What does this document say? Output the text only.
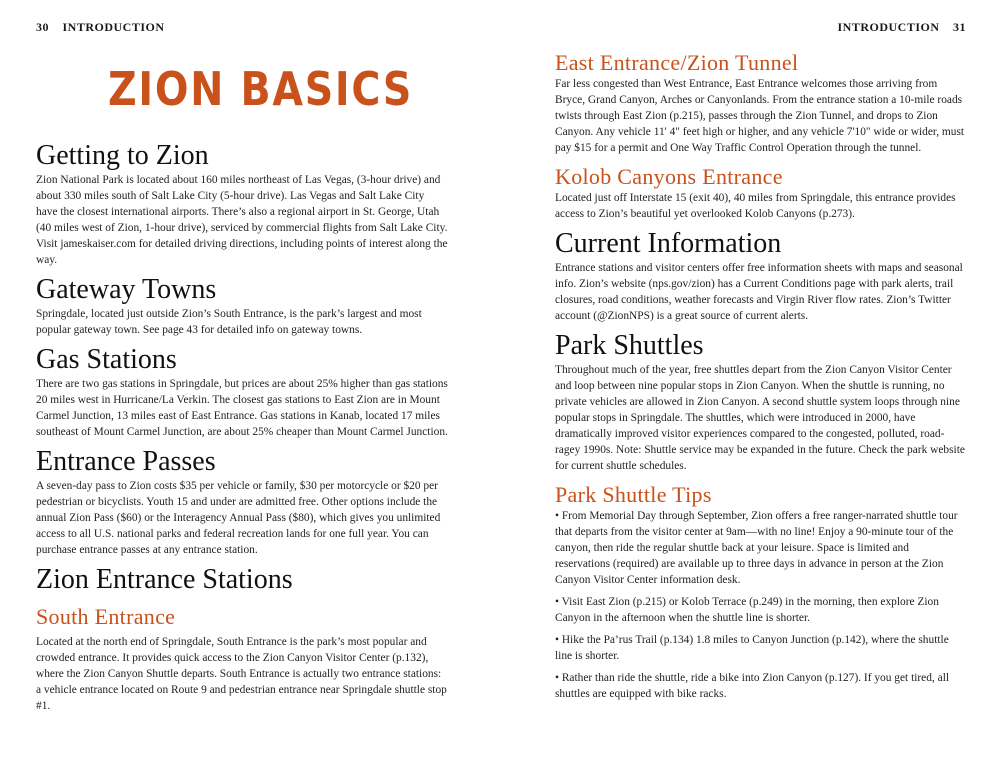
30 INTRODUCTION
ZION BASICS
Getting to Zion

Zion National Park is located about 160 miles northeast of Las Vegas, (3-hour drive) and about 330 miles south of Salt Lake City (5-hour drive). Las Vegas and Salt Lake City have the closest international airports. There’s also a regional airport in St. George, Utah (40 miles west of Zion, 1-hour drive), serviced by commercial flights from Salt Lake City. Visit jameskaiser.com for detailed driving directions, including points of interest along the way.

Gateway Towns

Springdale, located just outside Zion’s South Entrance, is the park’s largest and most popular gateway town. See page 43 for detailed info on gateway towns.

Gas Stations

There are two gas stations in Springdale, but prices are about 25% higher than gas stations 20 miles west in Hurricane/La Verkin. The closest gas stations to East Zion are in Mount Carmel Junction, 13 miles east of East Entrance. Gas stations in Kanab, located 17 miles southeast of Mount Carmel Junction, are about 25% cheaper than Mount Carmel Junction.

Entrance Passes

A seven-day pass to Zion costs $35 per vehicle or family, $30 per motorcycle or $20 per pedestrian or bicyclists. Youth 15 and under are admitted free. Other options include the annual Zion Pass ($60) or the Interagency Annual Pass ($80), which gives you unlimited access to all U.S. national parks and federal recreation lands for one full year. You can purchase entrance passes at any entrance station.

Zion Entrance Stations
South Entrance

Located at the north end of Springdale, South Entrance is the park’s most popular and crowded entrance. It provides quick access to the Zion Canyon Visitor Center (p.132), where the Zion Canyon Shuttle departs. South Entrance is actually two entrance stations: a vehicle entrance located on Route 9 and pedestrian entrance near Springdale shuttle stop #1.

INTRODUCTION 31
East Entrance/Zion Tunnel

Far less congested than West Entrance, East Entrance welcomes those arriving from Bryce, Grand Canyon, Arches or Canyonlands. From the entrance station a 10-mile roads twists through East Zion (p.215), passes through the Zion Tunnel, and drops to Zion Canyon. Any vehicle 11' 4" feet high or higher, and any vehicle 7'10" wide or wider, must pay $15 for a permit and One Way Traffic Control Operation through the tunnel.

Kolob Canyons Entrance

Located just off Interstate 15 (exit 40), 40 miles from Springdale, this entrance provides access to Zion’s beautiful yet overlooked Kolob Canyons (p.273).

Current Information

Entrance stations and visitor centers offer free information sheets with maps and seasonal info. Zion’s website (nps.gov/zion) has a Current Conditions page with park alerts, trail closures, road conditions, weather forecasts and Virgin River flow rates. Zion’s Twitter account (@ZionNPS) is a great source of current alerts.

Park Shuttles

Throughout much of the year, free shuttles depart from the Zion Canyon Visitor Center and loop between nine popular stops in Zion Canyon. When the shuttle is running, no private vehicles are allowed in Zion Canyon. A second shuttle system loops through nine popular stops in Springdale. The shuttles, which were introduced in 2000, have dramatically improved visitor experiences compared to the congested, polluted, road-ragey 1990s. Note: Shuttle service may be expanded in the future. Check the park website for current shuttle schedules.

Park Shuttle Tips

• From Memorial Day through September, Zion offers a free ranger-narrated shuttle tour that departs from the visitor center at 9am—with no line! Enjoy a 90-minute tour of the canyon, then ride the regular shuttle back at your leisure. Space is limited and reservations (required) are available up to three days in advance in person at the Zion Canyon Visitor Center information desk.

• Visit East Zion (p.215) or Kolob Terrace (p.249) in the morning, then explore Zion Canyon in the afternoon when the shuttle line is shorter.

• Hike the Pa’rus Trail (p.134) 1.8 miles to Canyon Junction (p.142), where the shuttle line is shorter.

• Rather than ride the shuttle, ride a bike into Zion Canyon (p.127). If you get tired, all shuttles are equipped with bike racks.
